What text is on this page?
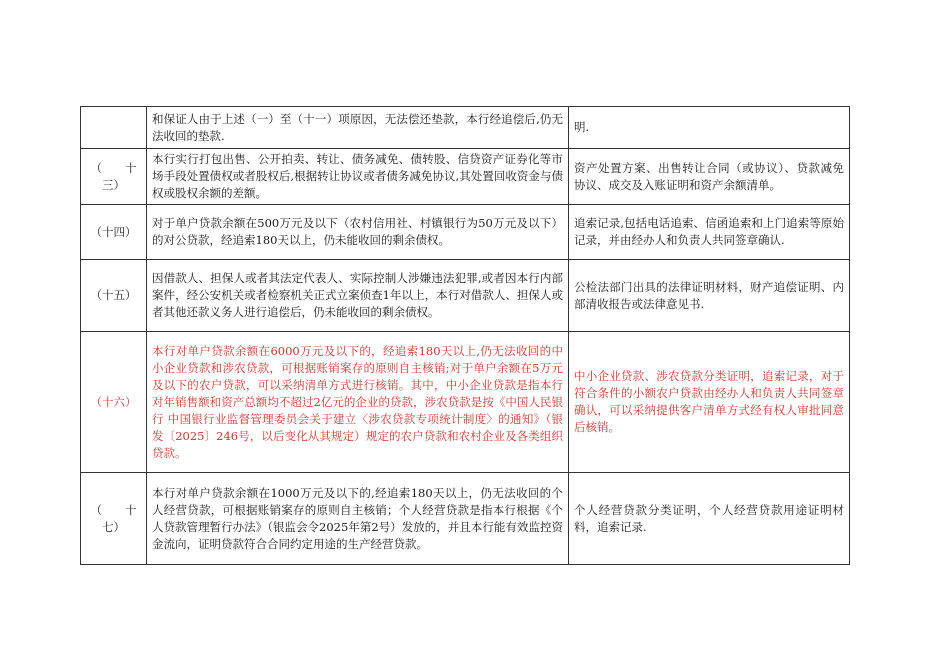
	和保证人由于上述（一）至（十一）项原因，无法偿还垫款，本行经追偿后,仍无法收回的垫款.	明.
（　　十
三）	本行实行打包出售、公开拍卖、转让、债务减免、债转股、信贷资产证券化等市场手段处置债权或者股权后,根据转让协议或者债务减免协议,其处置回收资金与债权或股权余额的差额。	资产处置方案、出售转让合同（或协议）、贷款减免协议、成交及入账证明和资产余额清单。
（十四）	对于单户贷款余额在500万元及以下（农村信用社、村镇银行为50万元及以下）的对公贷款，经追索180天以上，仍未能收回的剩余债权。	追索记录,包括电话追索、信函追索和上门追索等原始记录，并由经办人和负责人共同签章确认.
（十五）	因借款人、担保人或者其法定代表人、实际控制人涉嫌违法犯罪,或者因本行内部案件，经公安机关或者检察机关正式立案侦查1年以上，本行对借款人、担保人或者其他还款义务人进行追偿后，仍未能收回的剩余债权。	公检法部门出具的法律证明材料，财产追偿证明、内部清收报告或法律意见书.
（十六）	本行对单户贷款余额在6000万元及以下的，经追索180天以上,仍无法收回的中小企业贷款和涉农贷款，可根据账销案存的原则自主核销;对于单户余额在5万元及以下的农户贷款，可以采纳清单方式进行核销。其中，中小企业贷款是指本行对年销售额和资产总额均不超过2亿元的企业的贷款，涉农贷款是按《中国人民银行 中国银行业监督管理委员会关于建立〈涉农贷款专项统计制度〉的通知》（银发〔2025〕246号，以后变化从其规定）规定的农户贷款和农村企业及各类组织贷款。	中小企业贷款、涉农贷款分类证明，追索记录，对于符合条件的小额农户贷款由经办人和负责人共同签章确认，可以采纳提供客户清单方式经有权人审批同意后核销。
（　　十
七）	本行对单户贷款余额在1000万元及以下的,经追索180天以上，仍无法收回的个人经营贷款，可根据账销案存的原则自主核销；个人经营贷款是指本行根据《个人贷款管理暂行办法》（银监会令2025年第2号）发放的，并且本行能有效监控资金流向，证明贷款符合合同约定用途的生产经营贷款。	个人经营贷款分类证明，个人经营贷款用途证明材料，追索记录.
